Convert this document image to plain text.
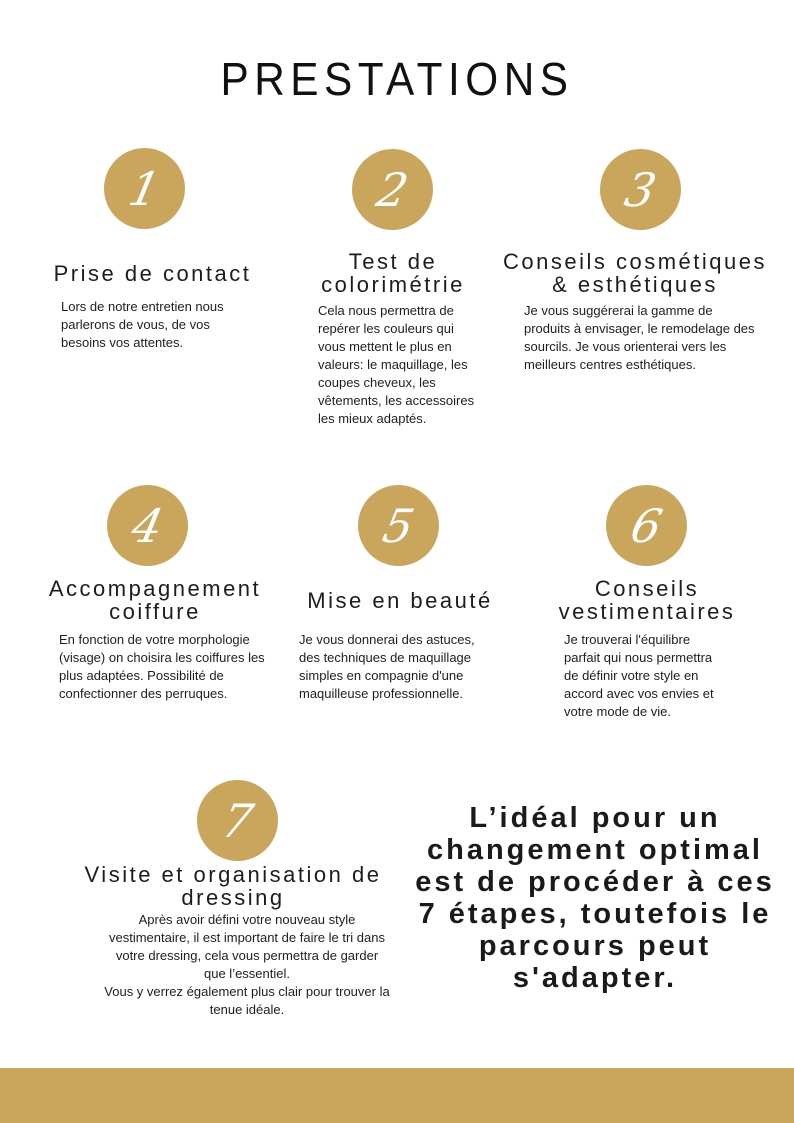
PRESTATIONS
1
Prise de contact
Lors de notre entretien nous parlerons de vous, de vos besoins vos attentes.
2
Test de
colorimétrie
Cela nous permettra de repérer les couleurs qui vous mettent le plus en valeurs: le maquillage, les coupes cheveux, les vêtements, les accessoires les mieux adaptés.
3
Conseils cosmétiques
& esthétiques
Je vous suggérerai la gamme de produits à envisager, le remodelage des sourcils. Je vous orienterai vers les meilleurs centres esthétiques.
4
Accompagnement
coiffure
En fonction de votre morphologie (visage) on choisira les coiffures les plus adaptées. Possibilité de confectionner des perruques.
5
Mise en beauté
Je vous donnerai des astuces, des techniques de maquillage simples en compagnie d'une maquilleuse professionnelle.
6
Conseils
vestimentaires
Je trouverai l'équilibre parfait qui nous permettra de définir votre style en accord avec vos envies et votre mode de vie.
7
Visite et organisation de
dressing
Après avoir défini votre nouveau style vestimentaire, il est important de faire le tri dans votre dressing, cela vous permettra de garder que l’essentiel.
Vous y verrez également plus clair pour trouver la tenue idéale.
L’idéal pour un changement optimal est de procéder à ces 7 étapes, toutefois le parcours peut s'adapter.
